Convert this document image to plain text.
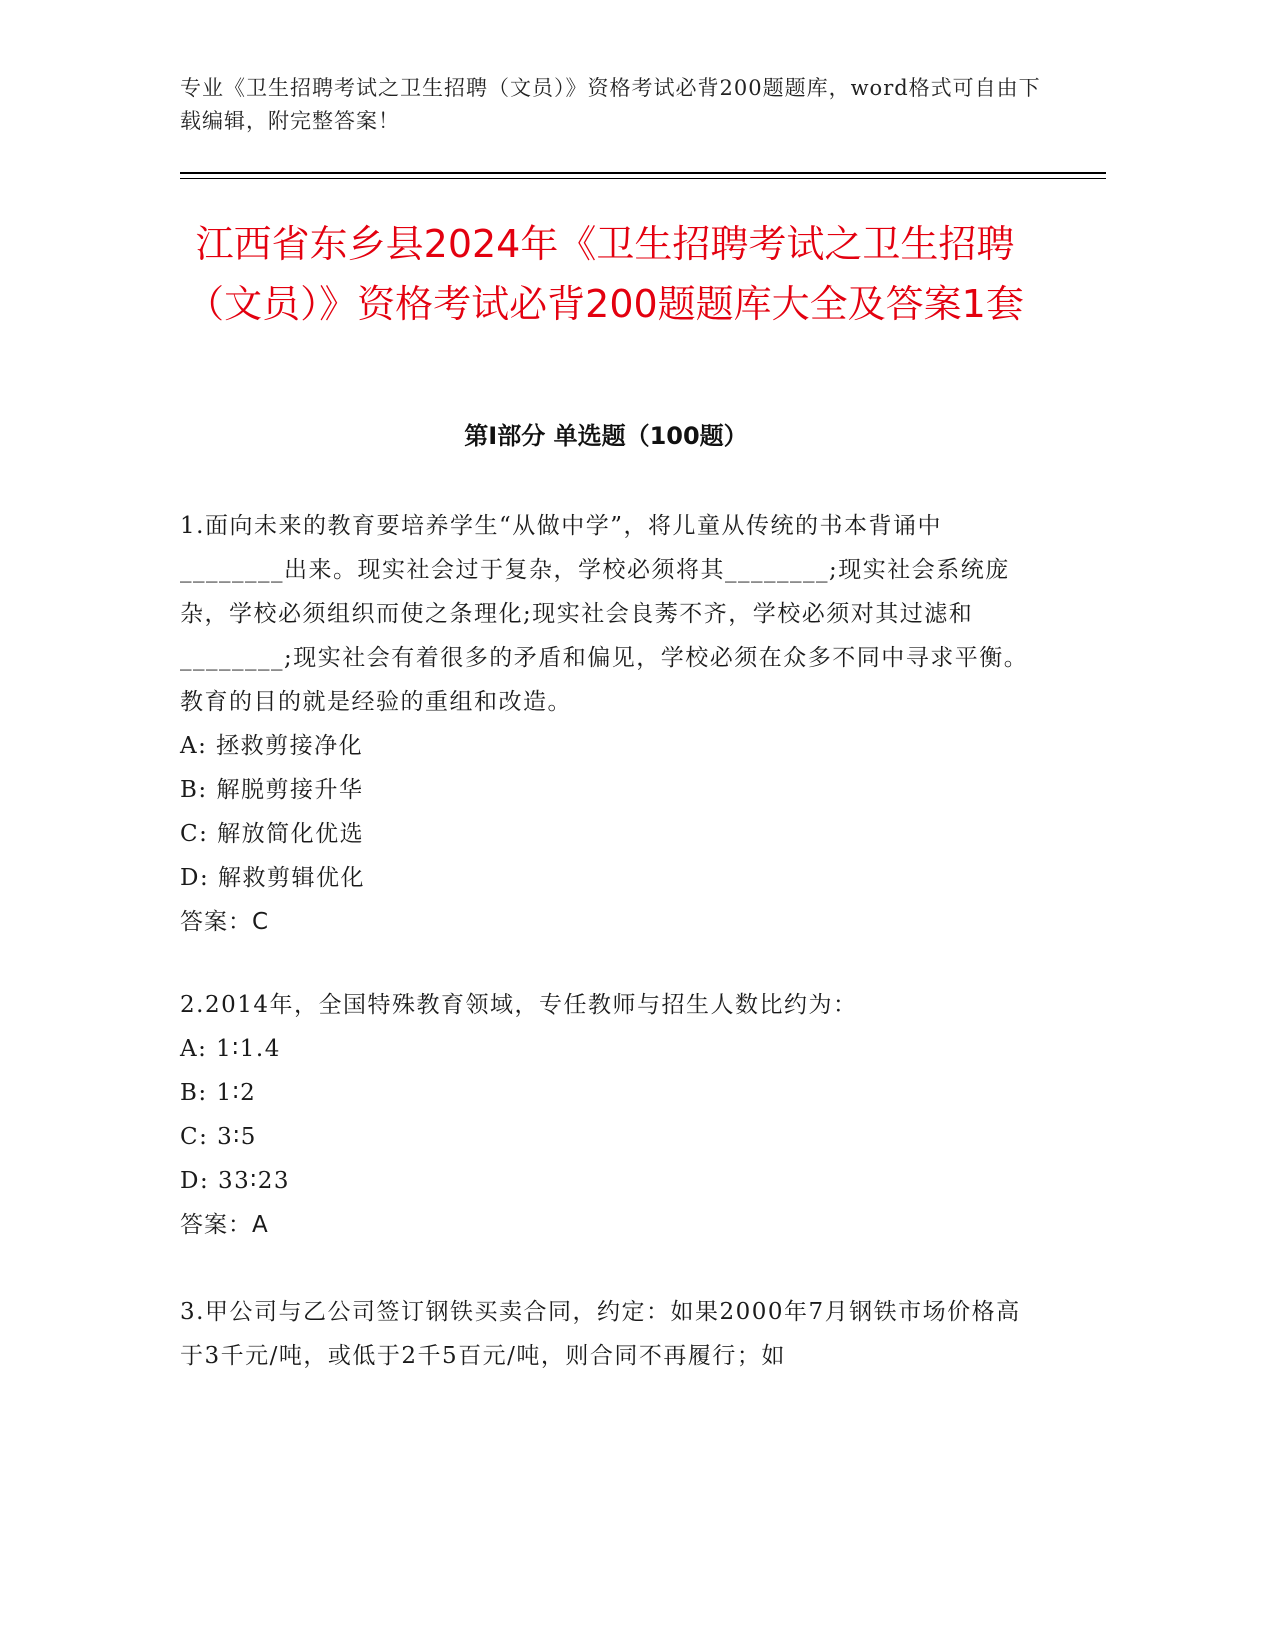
专业《卫生招聘考试之卫生招聘（文员）》资格考试必背200题题库，word格式可自由下载编辑，附完整答案！
江西省东乡县2024年《卫生招聘考试之卫生招聘（文员）》资格考试必背200题题库大全及答案1套
第I部分 单选题（100题）

1.面向未来的教育要培养学生“从做中学”，将儿童从传统的书本背诵中________出来。现实社会过于复杂，学校必须将其________;现实社会系统庞杂，学校必须组织而使之条理化;现实社会良莠不齐，学校必须对其过滤和________;现实社会有着很多的矛盾和偏见，学校必须在众多不同中寻求平衡。教育的目的就是经验的重组和改造。

A: 拯救剪接净化

B: 解脱剪接升华

C: 解放简化优选

D: 解救剪辑优化

答案：C

2.2014年，全国特殊教育领域，专任教师与招生人数比约为：

A: 1∶1.4

B: 1∶2

C: 3∶5

D: 33∶23

答案：A

3.甲公司与乙公司签订钢铁买卖合同，约定：如果2000年7月钢铁市场价格高于3千元/吨，或低于2千5百元/吨，则合同不再履行；如
